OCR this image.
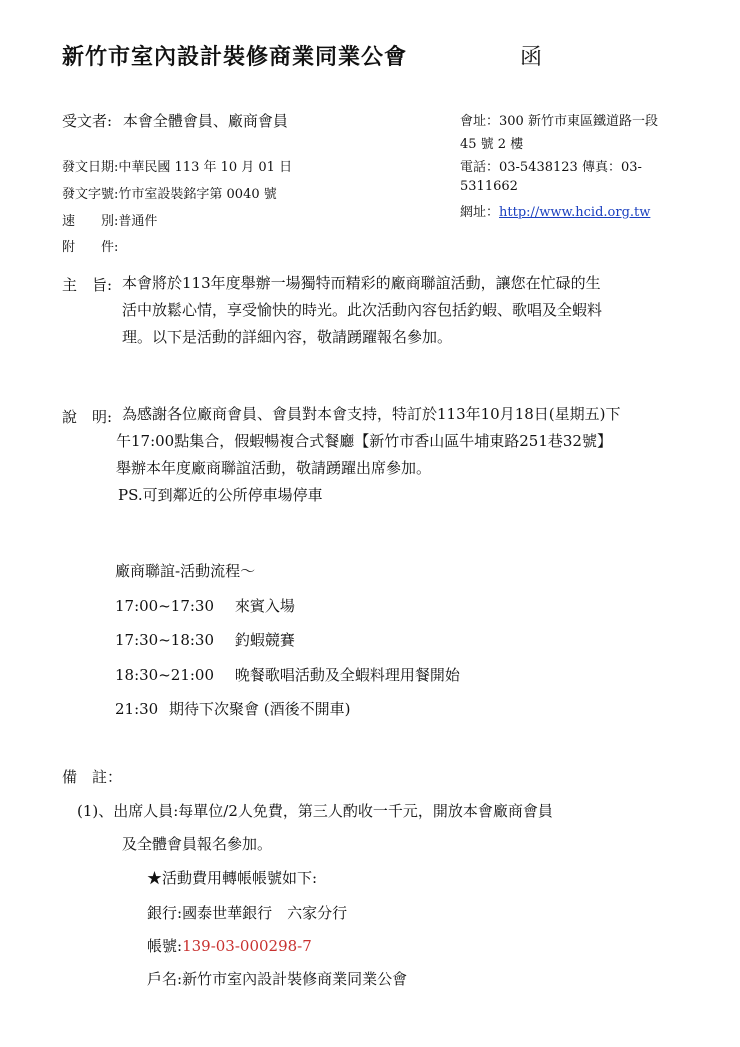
新竹市室內設計裝修商業同業公會	函
受文者: 本會全體會員、廠商會員
發文日期:中華民國 113 年 10 月 01 日
發文字號:竹市室設裝銘字第 0040 號
速　　別:普通件
附　　件:
會址：300 新竹市東區鐵道路一段
45 號 2 樓
電話：03-5438123 傳真：03-
5311662
網址：http://www.hcid.org.tw
主　旨: 本會將於113年度舉辦一場獨特而精彩的廠商聯誼活動，讓您在忙碌的生
活中放鬆心情，享受愉快的時光。此次活動內容包括釣蝦、歌唱及全蝦料
理。以下是活動的詳細內容，敬請踴躍報名參加。
說　明: 為感謝各位廠商會員、會員對本會支持，特訂於113年10月18日(星期五)下
午17:00點集合，假蝦暢複合式餐廳【新竹市香山區牛埔東路251巷32號】
舉辦本年度廠商聯誼活動，敬請踴躍出席參加。
PS.可到鄰近的公所停車場停車
廠商聯誼-活動流程～
17:00~17:30 來賓入場
17:30~18:30 釣蝦競賽
18:30~21:00 晚餐歌唱活動及全蝦料理用餐開始
21:30 期待下次聚會 (酒後不開車)
備　註：
(1)、出席人員:每單位/2人免費，第三人酌收一千元，開放本會廠商會員
及全體會員報名參加。
★活動費用轉帳帳號如下:
銀行:國泰世華銀行　六家分行
帳號:139-03-000298-7
戶名:新竹市室內設計裝修商業同業公會
